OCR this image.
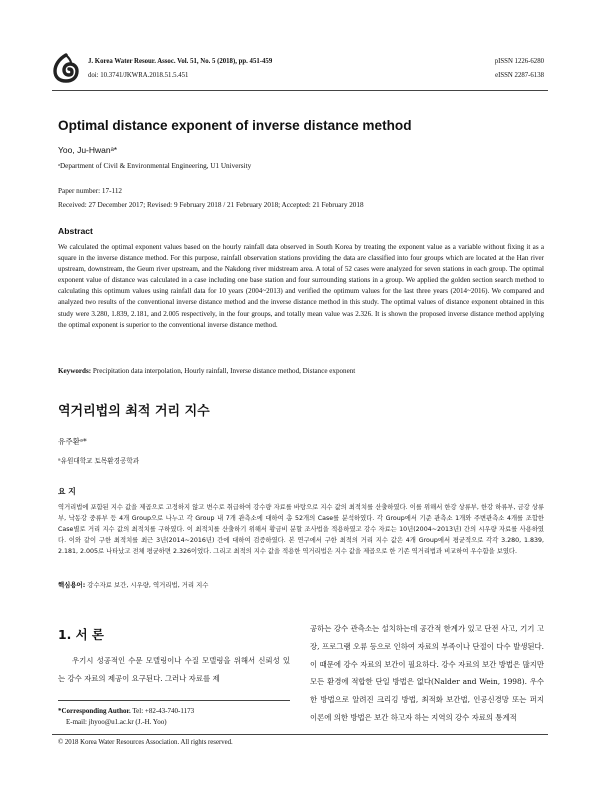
J. Korea Water Resour. Assoc. Vol. 51, No. 5 (2018), pp. 451-459
doi: 10.3741/JKWRA.2018.51.5.451
pISSN 1226-6280
eISSN 2287-6138
Optimal distance exponent of inverse distance method
Yoo, Ju-Hwanᵃ*
ᵃDepartment of Civil & Environmental Engineering, U1 University
Paper number: 17-112
Received: 27 December 2017; Revised: 9 February 2018 / 21 February 2018; Accepted: 21 February 2018
Abstract
We calculated the optimal exponent values based on the hourly rainfall data observed in South Korea by treating the exponent value as a variable without fixing it as a square in the inverse distance method. For this purpose, rainfall observation stations providing the data are classified into four groups which are located at the Han river upstream, downstream, the Geum river upstream, and the Nakdong river midstream area. A total of 52 cases were analyzed for seven stations in each group. The optimal exponent value of distance was calculated in a case including one base station and four surrounding stations in a group. We applied the golden section search method to calculating this optimum values using rainfall data for 10 years (2004~2013) and verified the optimum values for the last three years (2014~2016). We compared and analyzed two results of the conventional inverse distance method and the inverse distance method in this study. The optimal values of distance exponent obtained in this study were 3.280, 1.839, 2.181, and 2.005 respectively, in the four groups, and totally mean value was 2.326. It is shown the proposed inverse distance method applying the optimal exponent is superior to the conventional inverse distance method.
Keywords: Precipitation data interpolation, Hourly rainfall, Inverse distance method, Distance exponent
역거리법의 최적 거리 지수
유주환ᵃ*
ᵃ유원대학교 토목환경공학과
요 지
역거리법에 포함된 지수 값을 제곱으로 고정하지 않고 변수로 취급하여 강수량 자료를 바탕으로 지수 값의 최적치를 산출하였다. 이를 위해서 한강 상류부, 한강 하류부, 금강 상류부, 낙동강 중류부 등 4개 Group으로 나누고 각 Group 내 7개 관측소에 대하여 총 52개의 Case를 분석하였다. 각 Group에서 기준 관측소 1개와 주변관측소 4개를 조합한 Case별로 거리 지수 값의 최적치를 구하였다. 이 최적치를 산출하기 위해서 황금비 분할 조사법을 적용하였고 강수 자료는 10년(2004~2013년) 간의 시우량 자료를 사용하였다. 이와 같이 구한 최적치를 최근 3년(2014~2016년) 간에 대하여 검증하였다. 본 연구에서 구한 최적의 거리 지수 값은 4개 Group에서 평균적으로 각각 3.280, 1.839, 2.181, 2.005로 나타났고 전체 평균하면 2.326이었다. 그리고 최적의 지수 값을 적용한 역거리법은 지수 값을 제곱으로 한 기존 역거리법과 비교하여 우수함을 보였다.
핵심용어: 강수자료 보간, 시우량, 역거리법, 거리 지수
1. 서 론
우기시 성공적인 수문 모델링이나 수질 모델링을 위해서 신뢰성 있는 강수 자료의 제공이 요구된다. 그러나 자료를 제
공하는 강수 관측소는 설치하는데 공간적 한계가 있고 단전 사고, 기기 고장, 프로그램 오류 등으로 인하여 자료의 부족이나 단절이 다수 발생된다. 이 때문에 강수 자료의 보간이 필요하다. 강수 자료의 보간 방법은 많지만 모든 환경에 적합한 단일 방법은 없다(Nalder and Wein, 1998). 우수한 방법으로 알려진 크리깅 방법, 최적화 보간법, 인공신경망 또는 퍼지 이론에 의한 방법은 보간 하고자 하는 지역의 강수 자료의 통계적
*Corresponding Author. Tel: +82-43-740-1173
E-mail: jhyoo@u1.ac.kr (J.-H. Yoo)
© 2018 Korea Water Resources Association. All rights reserved.
